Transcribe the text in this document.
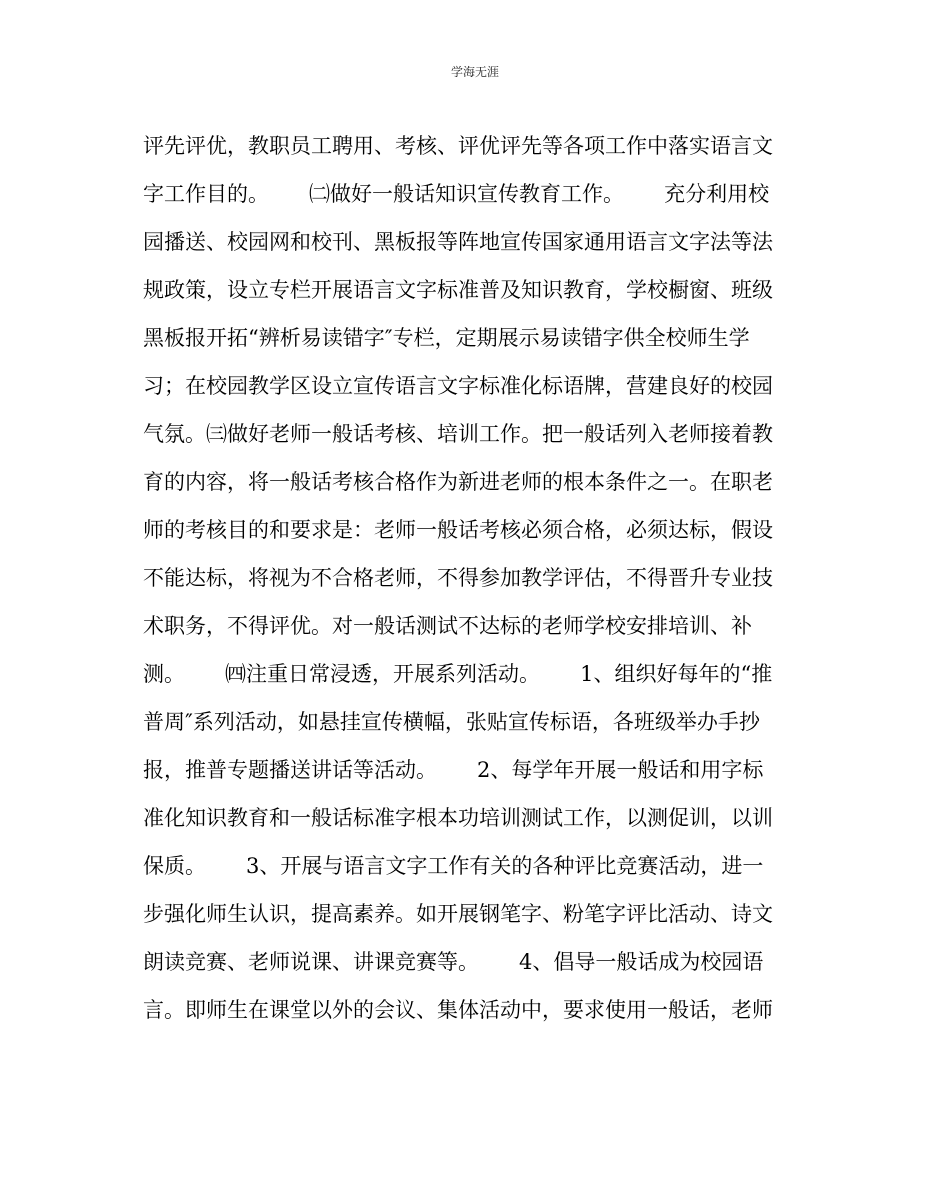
学海无涯
评先评优，教职员工聘用、考核、评优评先等各项工作中落实语言文
字工作目的。      ㈡做好一般话知识宣传教育工作。      充分利用校
园播送、校园网和校刊、黑板报等阵地宣传国家通用语言文字法等法
规政策，设立专栏开展语言文字标准普及知识教育，学校橱窗、班级
黑板报开拓“辨析易读错字″专栏，定期展示易读错字供全校师生学
习；在校园教学区设立宣传语言文字标准化标语牌，营建良好的校园
气氛。㈢做好老师一般话考核、培训工作。把一般话列入老师接着教
育的内容，将一般话考核合格作为新进老师的根本条件之一。在职老
师的考核目的和要求是：老师一般话考核必须合格，必须达标，假设
不能达标，将视为不合格老师，不得参加教学评估，不得晋升专业技
术职务，不得评优。对一般话测试不达标的老师学校安排培训、补
测。      ㈣注重日常浸透，开展系列活动。      1、组织好每年的“推
普周″系列活动，如悬挂宣传横幅，张贴宣传标语，各班级举办手抄
报，推普专题播送讲话等活动。      2、每学年开展一般话和用字标
准化知识教育和一般话标准字根本功培训测试工作，以测促训，以训
保质。      3、开展与语言文字工作有关的各种评比竞赛活动，进一
步强化师生认识，提高素养。如开展钢笔字、粉笔字评比活动、诗文
朗读竞赛、老师说课、讲课竞赛等。      4、倡导一般话成为校园语
言。即师生在课堂以外的会议、集体活动中，要求使用一般话，老师
